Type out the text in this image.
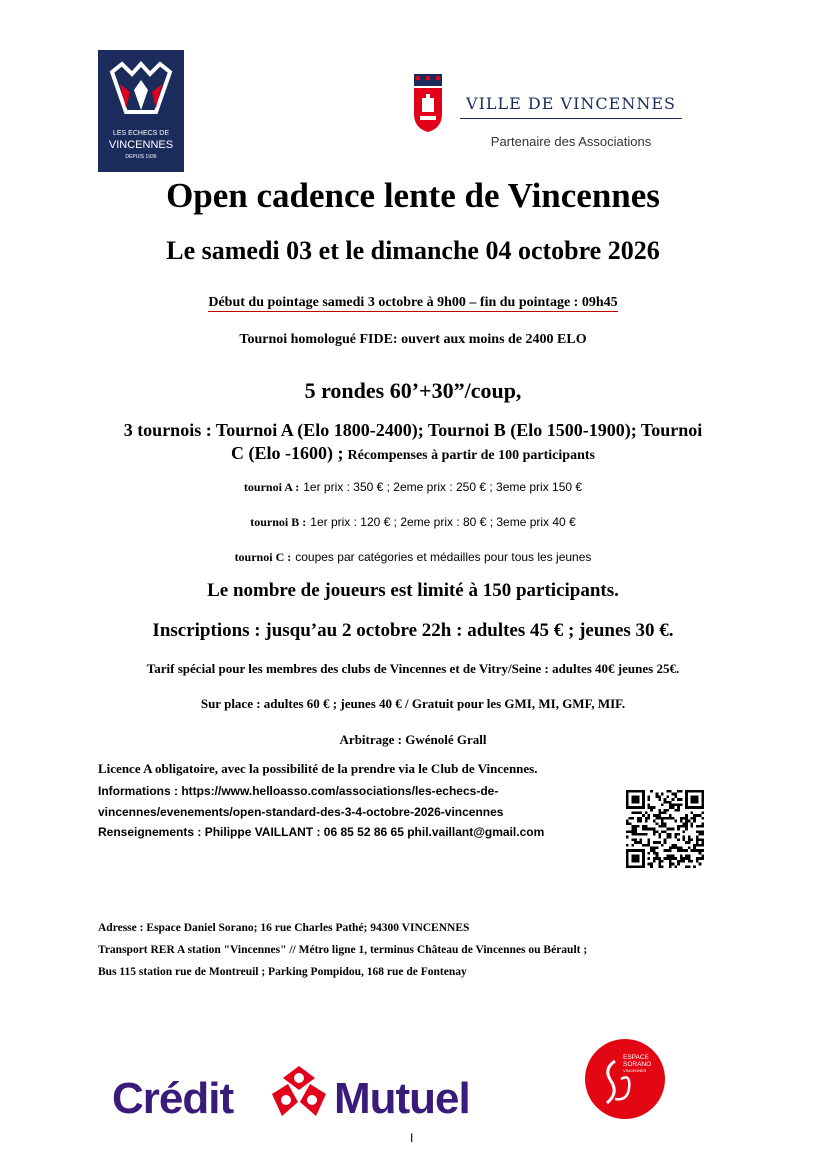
LES ECHECS DE
VINCENNES
DEPUIS 1936
VILLE DE VINCENNES
Partenaire des Associations
Open cadence lente de Vincennes
Le samedi 03 et le dimanche 04 octobre 2026
Début du pointage samedi 3 octobre à 9h00 – fin du pointage : 09h45
Tournoi homologué FIDE: ouvert aux moins de 2400 ELO
5 rondes 60’+30”/coup,
3 tournois : Tournoi A (Elo 1800-2400); Tournoi B (Elo 1500-1900); Tournoi
C (Elo -1600) ; Récompenses à partir de 100 participants
tournoi A : 1er prix : 350 € ; 2eme prix : 250 € ; 3eme prix 150 €
tournoi B : 1er prix : 120 € ; 2eme prix : 80 € ; 3eme prix 40 €
tournoi C : coupes par catégories et médailles pour tous les jeunes
Le nombre de joueurs est limité à 150 participants.
Inscriptions : jusqu’au 2 octobre 22h : adultes 45 € ; jeunes 30 €.
Tarif spécial pour les membres des clubs de Vincennes et de Vitry/Seine : adultes 40€ jeunes 25€.
Sur place : adultes 60 € ; jeunes 40 € / Gratuit pour les GMI, MI, GMF, MIF.
Arbitrage : Gwénolé Grall
Licence A obligatoire, avec la possibilité de la prendre via le Club de Vincennes.
Informations : https://www.helloasso.com/associations/les-echecs-de-
vincennes/evenements/open-standard-des-3-4-octobre-2026-vincennes
Renseignements : Philippe VAILLANT : 06 85 52 86 65 phil.vaillant@gmail.com
Adresse : Espace Daniel Sorano; 16 rue Charles Pathé; 94300 VINCENNES
Transport RER A station "Vincennes" // Métro ligne 1, terminus Château de Vincennes ou Bérault ;
Bus 115 station rue de Montreuil ; Parking Pompidou, 168 rue de Fontenay
Crédit Mutuel
ESPACE
SORANO
VINCENNES
I
